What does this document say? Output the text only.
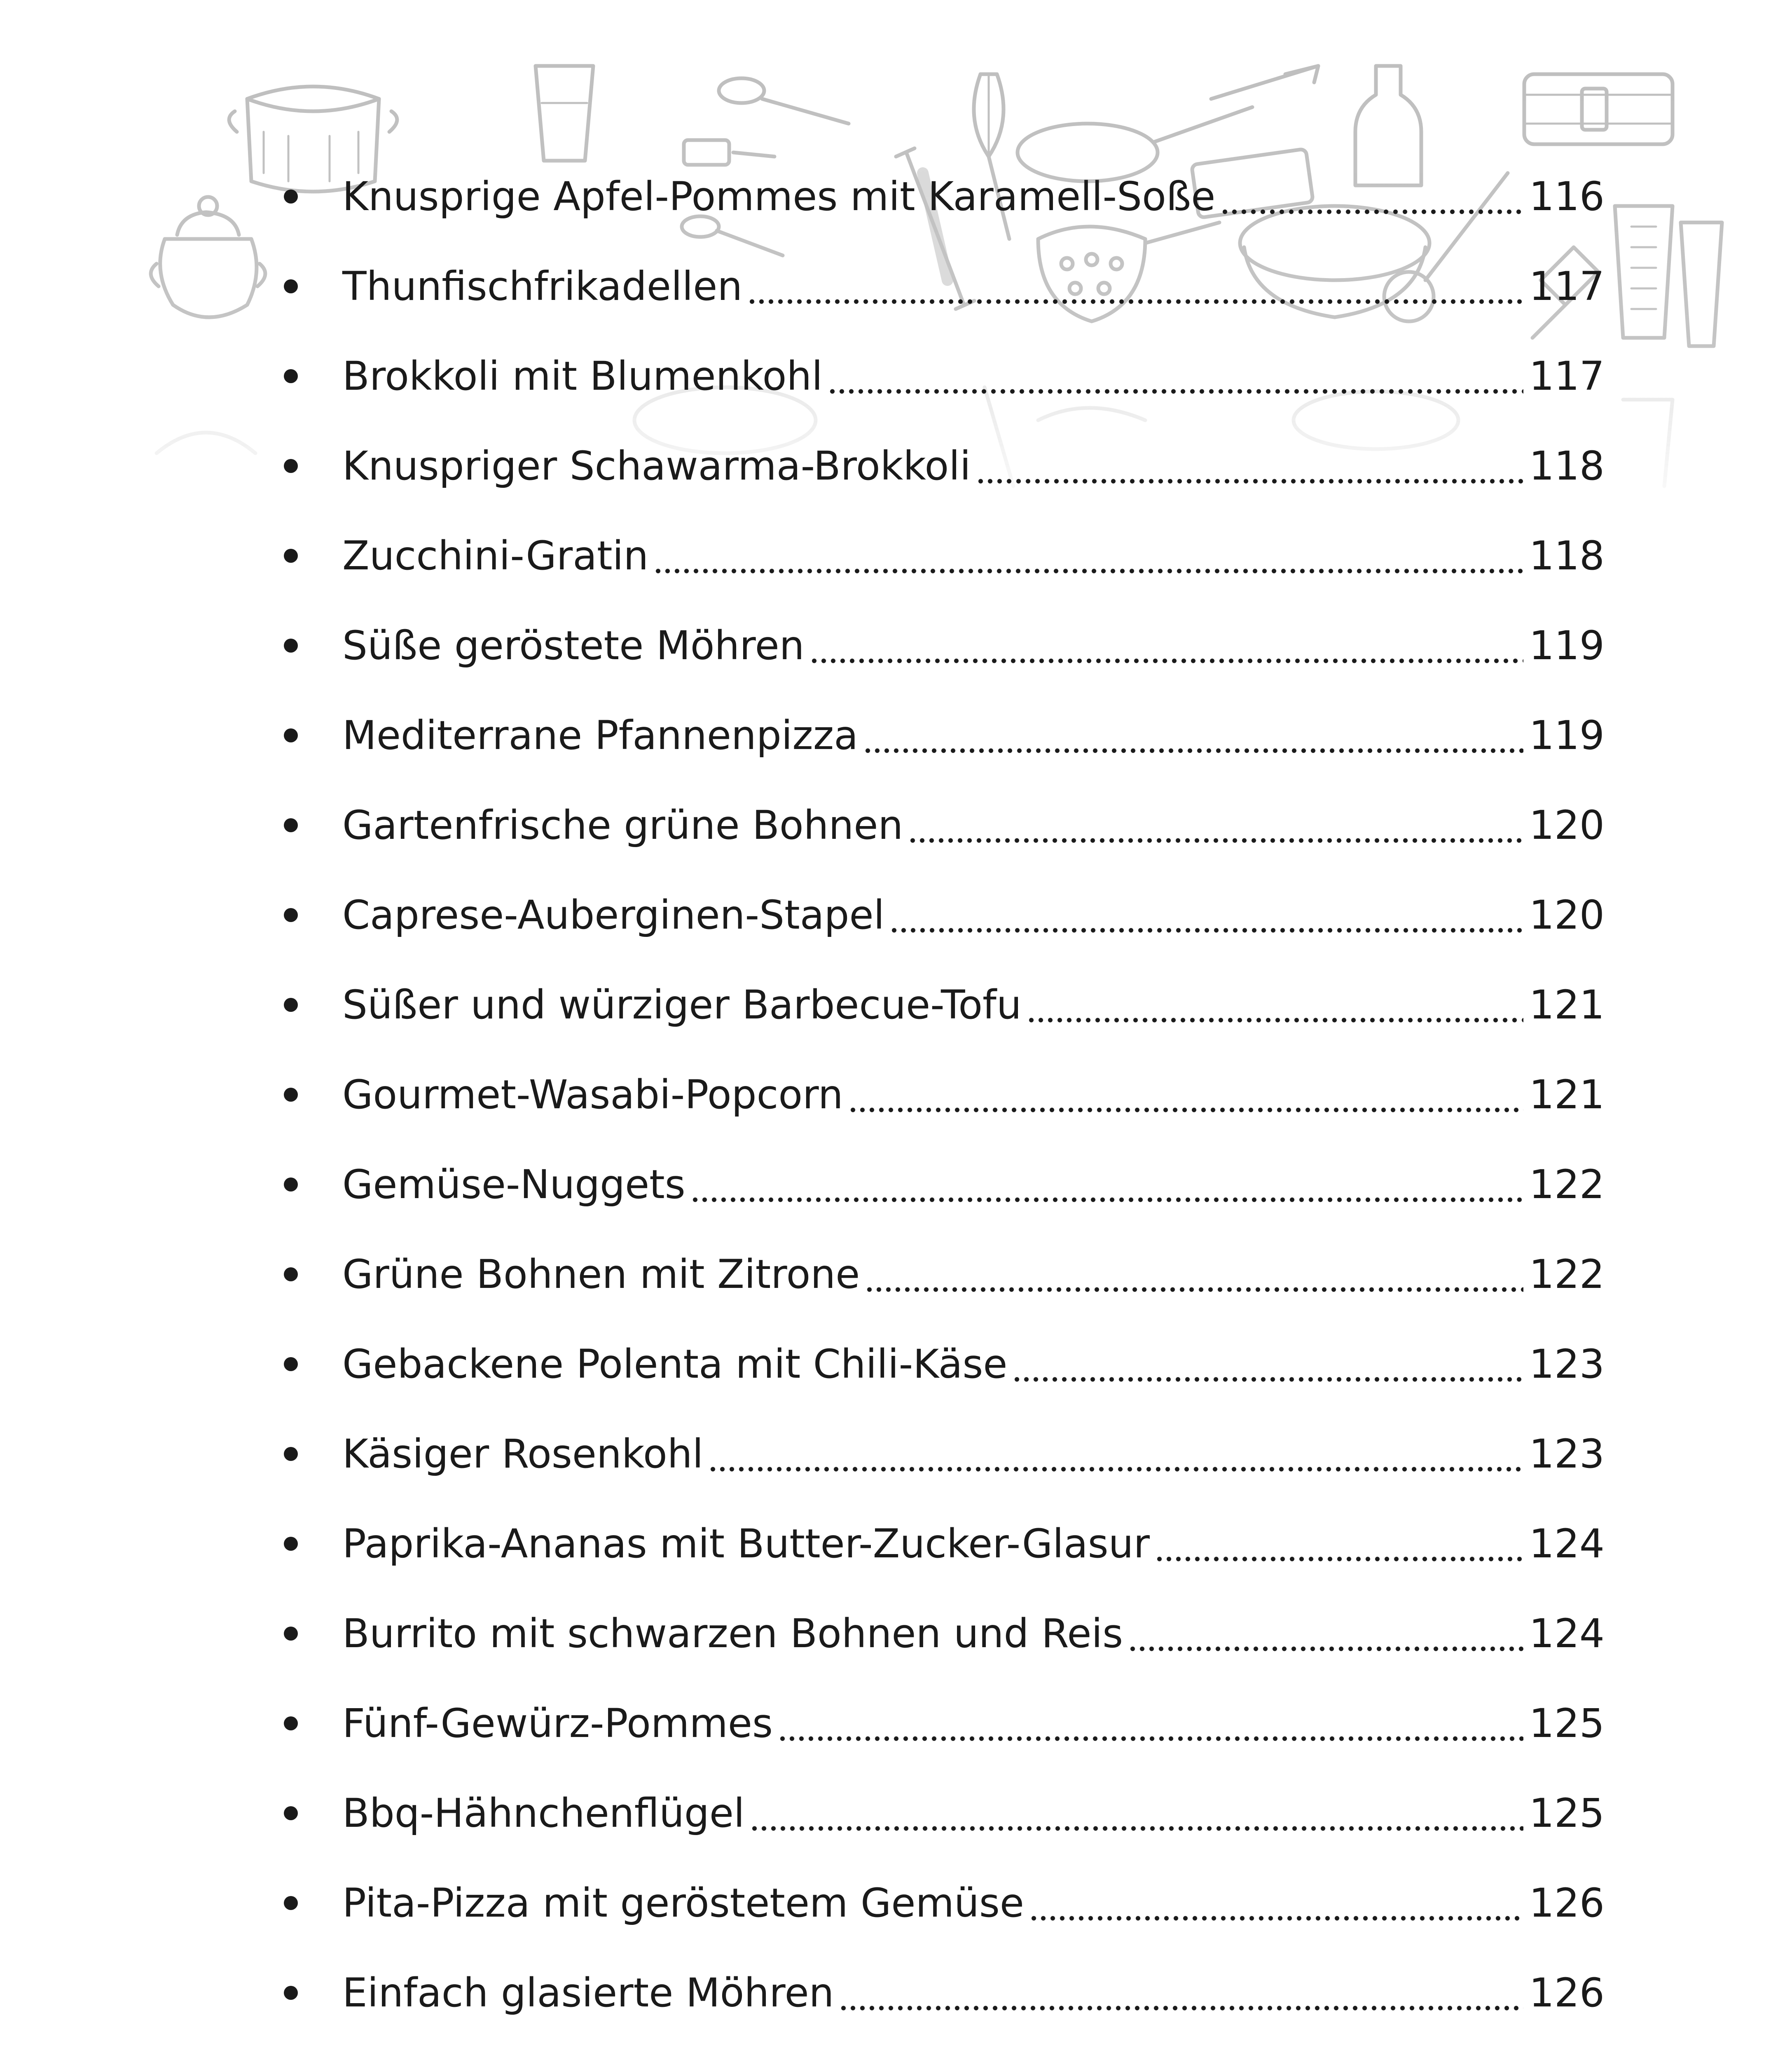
Knusprige Apfel-Pommes mit Karamell-Soße	116
Thunfischfrikadellen	117
Brokkoli mit Blumenkohl	117
Knuspriger Schawarma-Brokkoli	118
Zucchini-Gratin	118
Süße geröstete Möhren	119
Mediterrane Pfannenpizza	119
Gartenfrische grüne Bohnen	120
Caprese-Auberginen-Stapel	120
Süßer und würziger Barbecue-Tofu	121
Gourmet-Wasabi-Popcorn	121
Gemüse-Nuggets	122
Grüne Bohnen mit Zitrone	122
Gebackene Polenta mit Chili-Käse	123
Käsiger Rosenkohl	123
Paprika-Ananas mit Butter-Zucker-Glasur	124
Burrito mit schwarzen Bohnen und Reis	124
Fünf-Gewürz-Pommes	125
Bbq-Hähnchenflügel	125
Pita-Pizza mit geröstetem Gemüse	126
Einfach glasierte Möhren	126
